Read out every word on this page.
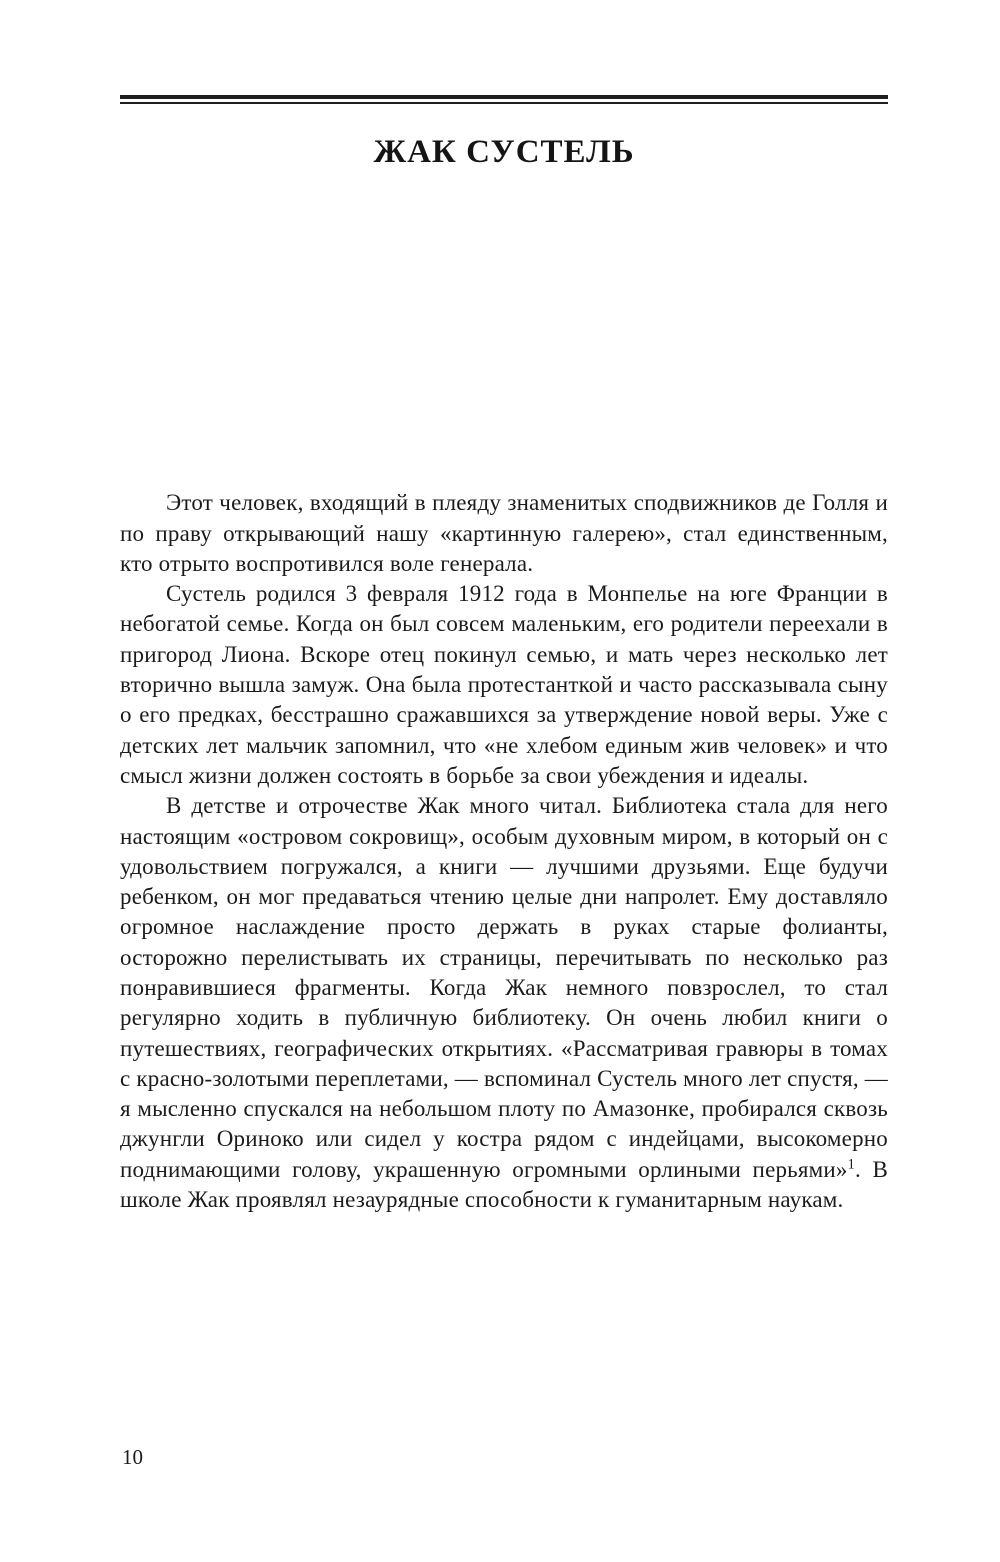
ЖАК СУСТЕЛЬ

Этот человек, входящий в плеяду знаменитых сподвижников де Голля и по праву открывающий нашу «картинную галерею», стал единственным, кто отрыто воспротивился воле генерала.

Сустель родился 3 февраля 1912 года в Монпелье на юге Франции в небогатой семье. Когда он был совсем маленьким, его родители переехали в пригород Лиона. Вскоре отец покинул семью, и мать через несколько лет вторично вышла замуж. Она была протестанткой и часто рассказывала сыну о его предках, бесстрашно сражавшихся за утверждение новой веры. Уже с детских лет мальчик запомнил, что «не хлебом единым жив человек» и что смысл жизни должен состоять в борьбе за свои убеждения и идеалы.

В детстве и отрочестве Жак много читал. Библиотека стала для него настоящим «островом сокровищ», особым духовным миром, в который он с удовольствием погружался, а книги — лучшими друзьями. Еще будучи ребенком, он мог предаваться чтению целые дни напролет. Ему доставляло огромное наслаждение просто держать в руках старые фолианты, осторожно перелистывать их страницы, перечитывать по несколько раз понравившиеся фрагменты. Когда Жак немного повзрослел, то стал регулярно ходить в публичную библиотеку. Он очень любил книги о путешествиях, географических открытиях. «Рассматривая гравюры в томах с красно-золотыми переплетами, — вспоминал Сустель много лет спустя, — я мысленно спускался на небольшом плоту по Амазонке, пробирался сквозь джунгли Ориноко или сидел у костра рядом с индейцами, высокомерно поднимающими голову, украшенную огромными орлиными перьями»$^1$. В школе Жак проявлял незаурядные способности к гуманитарным наукам.

10
